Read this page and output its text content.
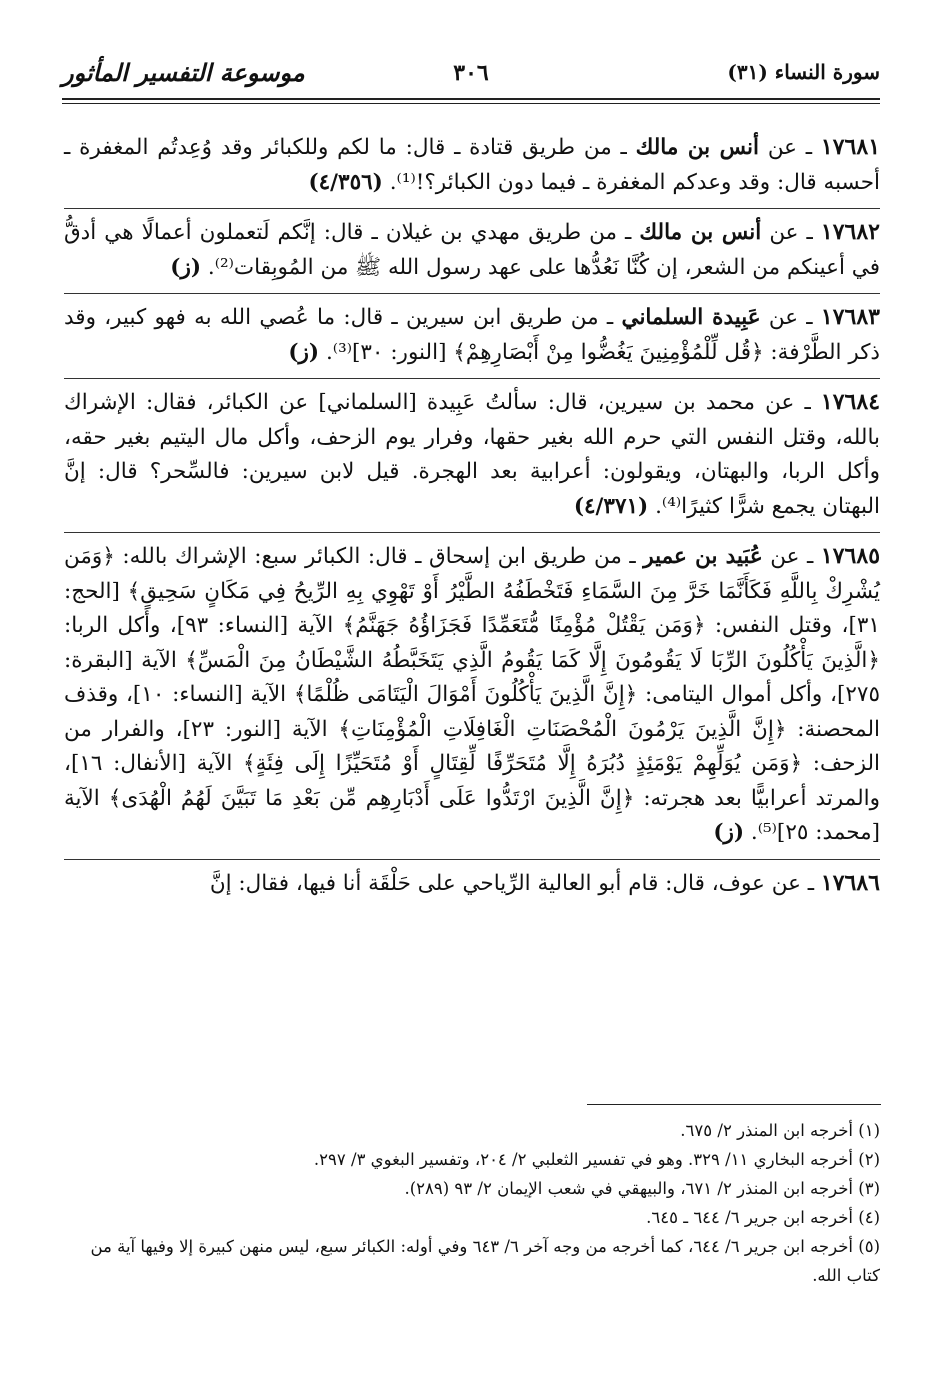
سورة النساء (٣١)
٣٠٦
موسوعة التفسير المأثور

١٧٦٨١ ـ عن أنس بن مالك ـ من طريق قتادة ـ قال: ما لكم وللكبائر وقد وُعِدتُم المغفرة ـ أحسبه قال: وقد وعدكم المغفرة ـ فيما دون الكبائر؟!⁽¹⁾. (٤/٣٥٦)

١٧٦٨٢ ـ عن أنس بن مالك ـ من طريق مهدي بن غيلان ـ قال: إنَّكم لَتعملون أعمالًا هي أدقُّ في أعينكم من الشعر، إن كُنَّا نَعُدُّها على عهد رسول الله ﷺ من المُوبِقات⁽²⁾. (ز)

١٧٦٨٣ ـ عن عَبِيدة السلماني ـ من طريق ابن سيرين ـ قال: ما عُصي الله به فهو كبير، وقد ذكر الطَّرْفة: ﴿قُل لِّلْمُؤْمِنِينَ يَغُضُّوا مِنْ أَبْصَارِهِمْ﴾ [النور: ٣٠]⁽³⁾. (ز)

١٧٦٨٤ ـ عن محمد بن سيرين، قال: سألتُ عَبِيدة [السلماني] عن الكبائر، فقال: الإشراك بالله، وقتل النفس التي حرم الله بغير حقها، وفرار يوم الزحف، وأكل مال اليتيم بغير حقه، وأكل الربا، والبهتان، ويقولون: أعرابية بعد الهجرة. قيل لابن سيرين: فالسِّحر؟ قال: إنَّ البهتان يجمع شرًّا كثيرًا⁽⁴⁾. (٤/٣٧١)

١٧٦٨٥ ـ عن عُبَيد بن عمير ـ من طريق ابن إسحاق ـ قال: الكبائر سبع: الإشراك بالله: ﴿وَمَن يُشْرِكْ بِاللَّهِ فَكَأَنَّمَا خَرَّ مِنَ السَّمَاءِ فَتَخْطَفُهُ الطَّيْرُ أَوْ تَهْوِي بِهِ الرِّيحُ فِي مَكَانٍ سَحِيقٍ﴾ [الحج: ٣١]، وقتل النفس: ﴿وَمَن يَقْتُلْ مُؤْمِنًا مُّتَعَمِّدًا فَجَزَاؤُهُ جَهَنَّمُ﴾ الآية [النساء: ٩٣]، وأكل الربا: ﴿الَّذِينَ يَأْكُلُونَ الرِّبَا لَا يَقُومُونَ إِلَّا كَمَا يَقُومُ الَّذِي يَتَخَبَّطُهُ الشَّيْطَانُ مِنَ الْمَسِّ﴾ الآية [البقرة: ٢٧٥]، وأكل أموال اليتامى: ﴿إِنَّ الَّذِينَ يَأْكُلُونَ أَمْوَالَ الْيَتَامَى ظُلْمًا﴾ الآية [النساء: ١٠]، وقذف المحصنة: ﴿إِنَّ الَّذِينَ يَرْمُونَ الْمُحْصَنَاتِ الْغَافِلَاتِ الْمُؤْمِنَاتِ﴾ الآية [النور: ٢٣]، والفرار من الزحف: ﴿وَمَن يُوَلِّهِمْ يَوْمَئِذٍ دُبُرَهُ إِلَّا مُتَحَرِّفًا لِّقِتَالٍ أَوْ مُتَحَيِّزًا إِلَى فِئَةٍ﴾ الآية [الأنفال: ١٦]، والمرتد أعرابيًّا بعد هجرته: ﴿إِنَّ الَّذِينَ ارْتَدُّوا عَلَى أَدْبَارِهِم مِّن بَعْدِ مَا تَبَيَّنَ لَهُمُ الْهُدَى﴾ الآية [محمد: ٢٥]⁽⁵⁾. (ز)

١٧٦٨٦ ـ عن عوف، قال: قام أبو العالية الرِّياحي على حَلْقَة أنا فيها، فقال: إنَّ

(١) أخرجه ابن المنذر ٢/ ٦٧٥.

(٢) أخرجه البخاري ١١/ ٣٢٩. وهو في تفسير الثعلبي ٢/ ٢٠٤، وتفسير البغوي ٣/ ٢٩٧.

(٣) أخرجه ابن المنذر ٢/ ٦٧١، والبيهقي في شعب الإيمان ٢/ ٩٣ (٢٨٩).

(٤) أخرجه ابن جرير ٦/ ٦٤٤ ـ ٦٤٥.

(٥) أخرجه ابن جرير ٦/ ٦٤٤، كما أخرجه من وجه آخر ٦/ ٦٤٣ وفي أوله: الكبائر سبع، ليس منهن كبيرة إلا وفيها آية من كتاب الله.
